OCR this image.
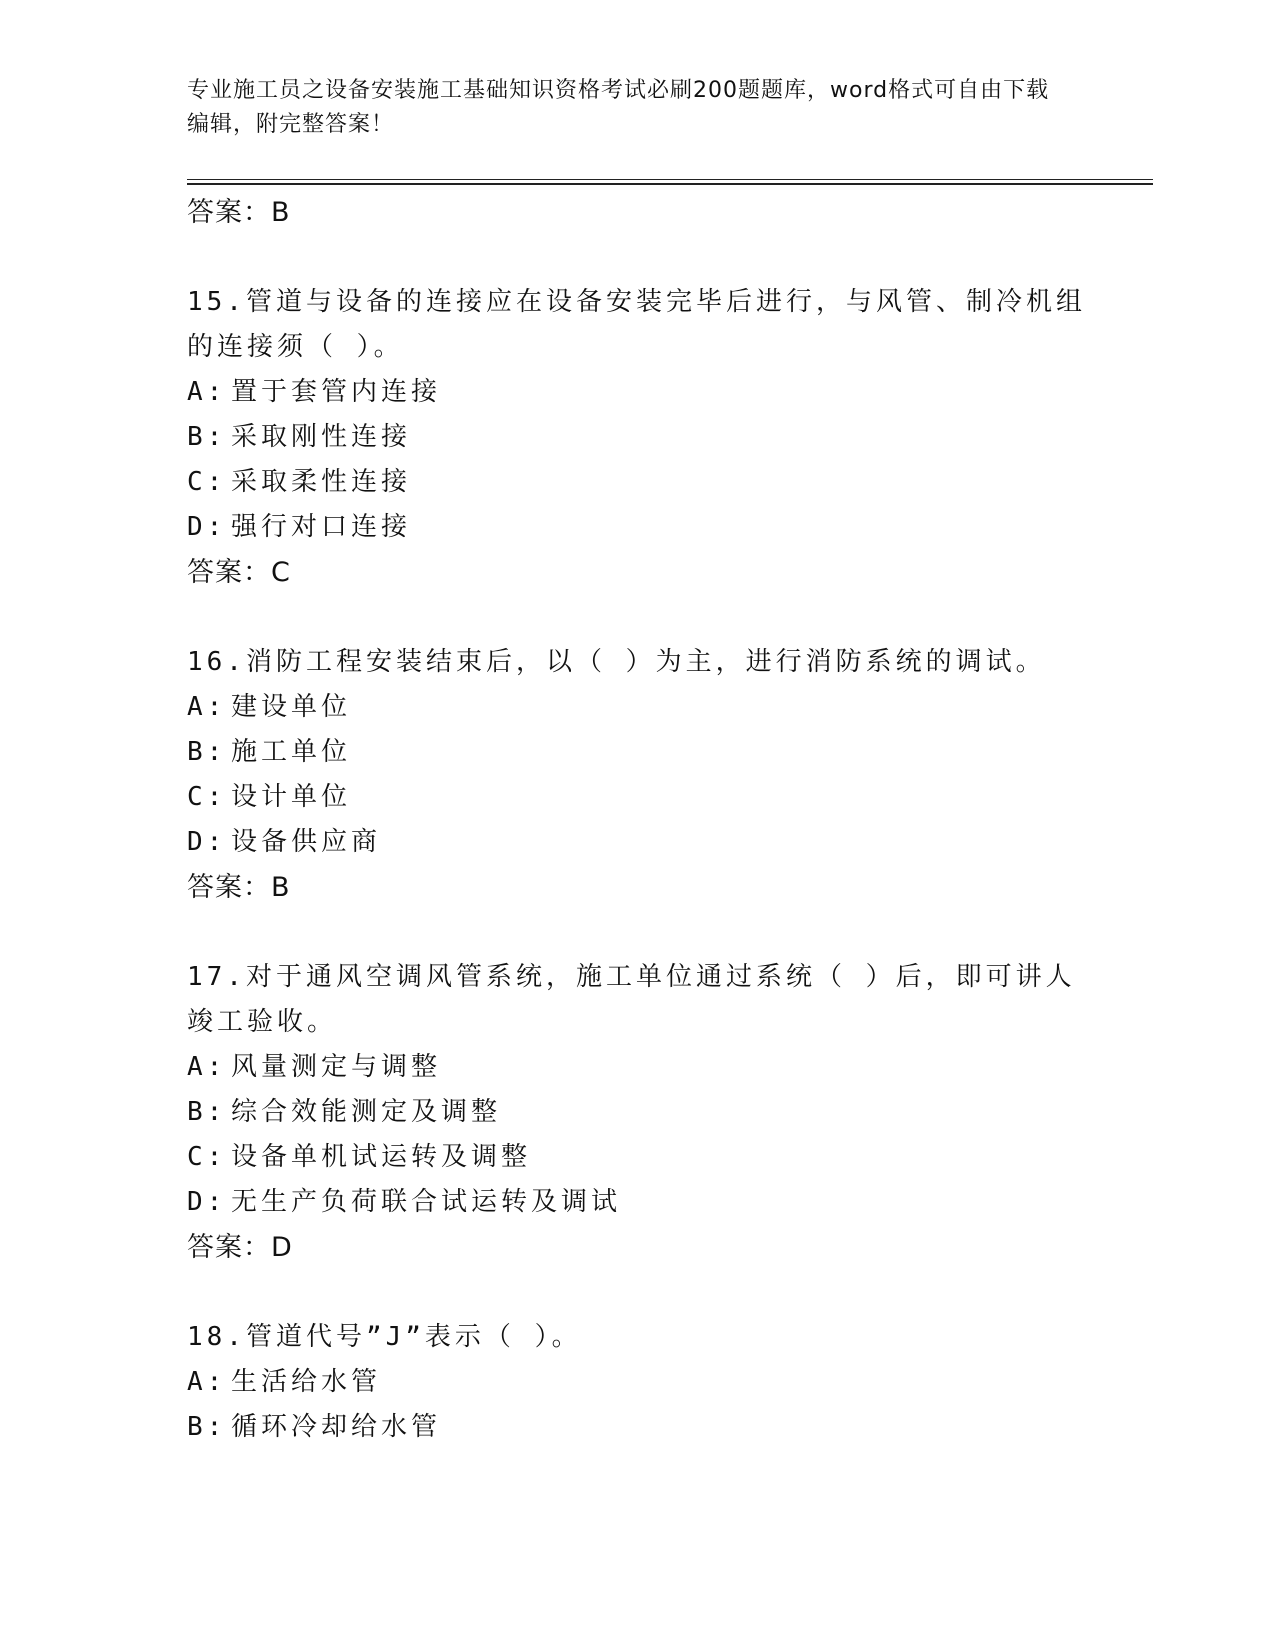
专业施工员之设备安装施工基础知识资格考试必刷200题题库，word格式可自由下载编辑，附完整答案！
答案：B
15.管道与设备的连接应在设备安装完毕后进行，与风管、制冷机组的连接须（ ）。
A: 置于套管内连接
B: 采取刚性连接
C: 采取柔性连接
D: 强行对口连接
答案：C
16.消防工程安装结束后，以（ ）为主，进行消防系统的调试。
A: 建设单位
B: 施工单位
C: 设计单位
D: 设备供应商
答案：B
17.对于通风空调风管系统，施工单位通过系统（ ）后，即可讲人竣工验收。
A: 风量测定与调整
B: 综合效能测定及调整
C: 设备单机试运转及调整
D: 无生产负荷联合试运转及调试
答案：D
18.管道代号”J”表示（ ）。
A: 生活给水管
B: 循环冷却给水管
